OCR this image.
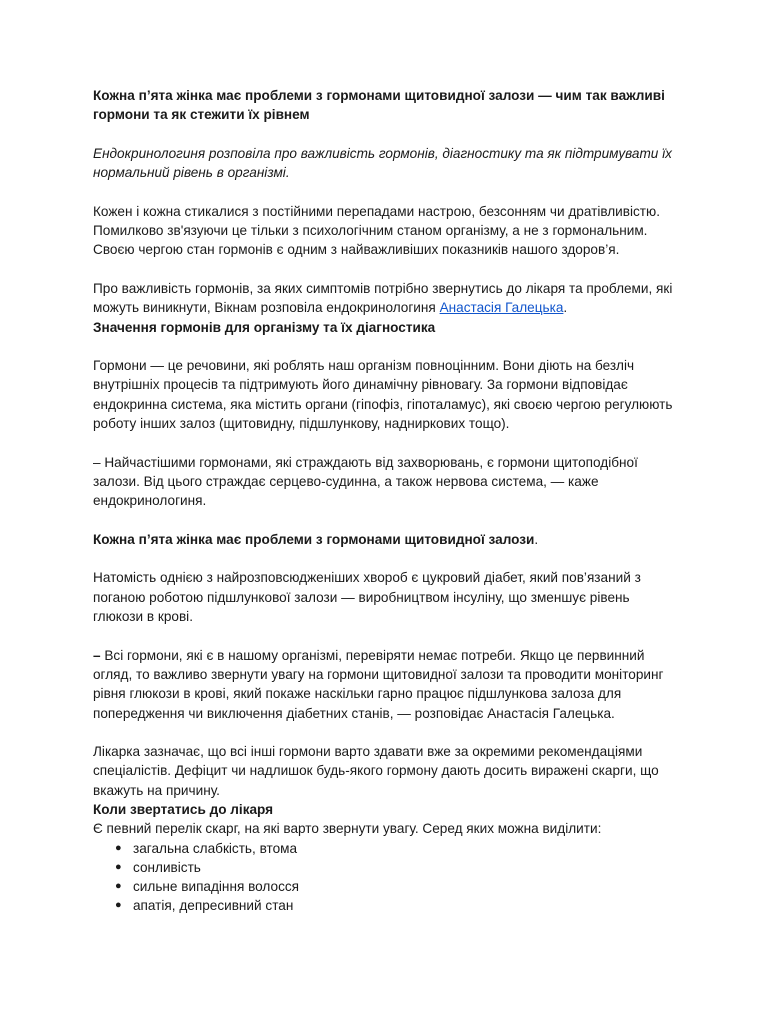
Кожна п’ята жінка має проблеми з гормонами щитовидної залози — чим так важливі гормони та як стежити їх рівнем

Ендокринологиня розповіла про важливість гормонів, діагностику та як підтримувати їх нормальний рівень в організмі.

Кожен і кожна стикалися з постійними перепадами настрою, безсонням чи дратівливістю. Помилково зв'язуючи це тільки з психологічним станом організму, а не з гормональним. Своєю чергою стан гормонів є одним з найважливіших показників нашого здоров’я.

Про важливість гормонів, за яких симптомів потрібно звернутись до лікаря та проблеми, які можуть виникнути, Вікнам розповіла ендокринологиня Анастасія Галецька.

Значення гормонів для організму та їх діагностика

Гормони — це речовини, які роблять наш організм повноцінним. Вони діють на безліч внутрішніх процесів та підтримують його динамічну рівновагу. За гормони відповідає ендокринна система, яка містить органи (гіпофіз, гіпоталамус), які своєю чергою регулюють роботу інших залоз (щитовидну, підшлункову, надниркових тощо).

– Найчастішими гормонами, які страждають від захворювань, є гормони щитоподібної залози. Від цього страждає серцево-судинна, а також нервова система, — каже ендокринологиня.

Кожна п’ята жінка має проблеми з гормонами щитовидної залози.

Натомість однією з найрозповсюдженіших хвороб є цукровий діабет, який пов’язаний з поганою роботою підшлункової залози — виробництвом інсуліну, що зменшує рівень глюкози в крові.

– Всі гормони, які є в нашому організмі, перевіряти немає потреби. Якщо це первинний огляд, то важливо звернути увагу на гормони щитовидної залози та проводити моніторинг рівня глюкози в крові, який покаже наскільки гарно працює підшлункова залоза для попередження чи виключення діабетних станів, — розповідає Анастасія Галецька.

Лікарка зазначає, що всі інші гормони варто здавати вже за окремими рекомендаціями спеціалістів. Дефіцит чи надлишок будь-якого гормону дають досить виражені скарги, що вкажуть на причину.

Коли звертатись до лікаря

Є певний перелік скарг, на які варто звернути увагу. Серед яких можна виділити:

● загальна слабкість, втома
● сонливість
● сильне випадіння волосся
● апатія, депресивний стан
